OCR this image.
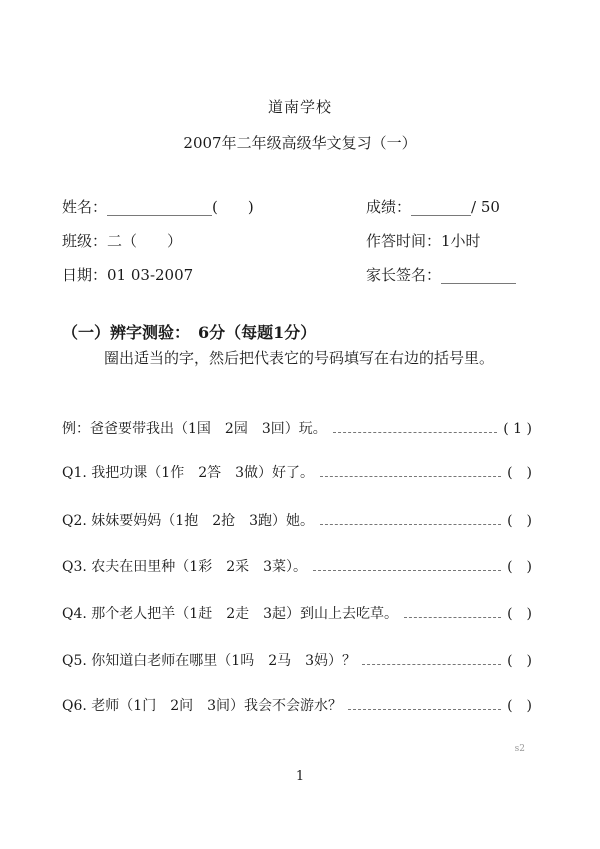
道南学校
2007年二年级高级华文复习（一）
姓名：______________(　　)	成绩：________/ 50
班级：二（　　）	作答时间：1小时
日期：01 03-2007	家长签名：__________
（一）辨字测验：　6分（每题1分）
圈出适当的字，然后把代表它的号码填写在右边的括号里。
例：爸爸要带我出（1国　2园　3回）玩。	( 1 )
Q1. 我把功课（1作　2答　3做）好了。	(　)
Q2. 妹妹要妈妈（1抱　2抢　3跑）她。	(　)
Q3. 农夫在田里种（1彩　2采　3菜）。	(　)
Q4. 那个老人把羊（1赶　2走　3起）到山上去吃草。	(　)
Q5. 你知道白老师在哪里（1吗　2马　3妈）？	(　)
Q6. 老师（1门　2问　3间）我会不会游水？	(　)
s2
1
